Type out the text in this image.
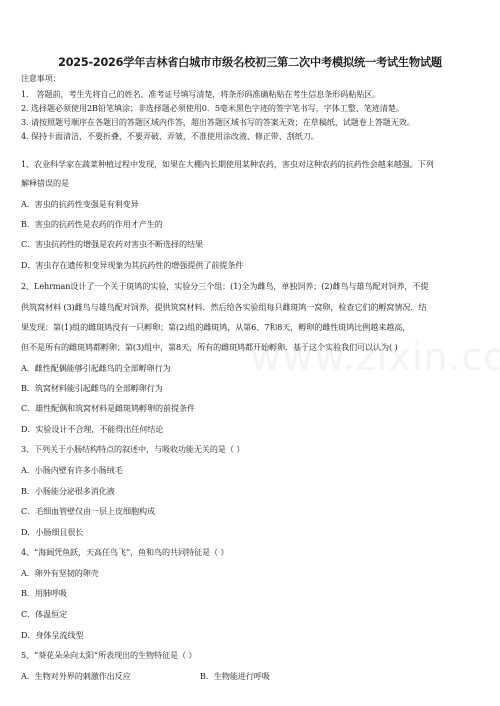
2025-2026学年吉林省白城市市级名校初三第二次中考模拟统一考试生物试题
注意事项：
1． 答题前，考生先将自己的姓名、准考证号填写清楚，将条形码准确粘贴在考生信息条形码粘贴区。
2. 选择题必须使用2B铅笔填涂；非选择题必须使用0．5毫米黑色字迹的签字笔书写，字体工整、笔迹清楚。
3. 请按照题号顺序在各题目的答题区域内作答，超出答题区域书写的答案无效；在草稿纸、试题卷上答题无效。
4. 保持卡面清洁，不要折叠，不要弄破、弄皱，不准使用涂改液、修正带、刮纸刀。
1、农业科学家在蔬菜种植过程中发现，如果在大棚内长期使用某种农药，害虫对这种农药的抗药性会越来越强。下列
解释错误的是
A．害虫的抗药性变强是有利变异
B．害虫的抗药性是农药的作用才产生的
C．害虫抗药性的增强是农药对害虫不断选择的结果
D．害虫存在遗传和变异现象为其抗药性的增强提供了前提条件
2、Lehrman设计了一个关于斑鸠的实验，实验分三个组：(1)全为雌鸟，单独饲养；(2)雌鸟与雄鸟配对饲养，不提
供筑窝材料 (3)雌鸟与雄鸟配对饲养，提供筑窝材料．然后给各实验组每只雌斑鸠一窝卵，检查它们的孵窝情况．结
果发现：第(1)组的雌斑鸠没有一只孵卵；第(2)组的雌斑鸠，从第6、7和8天，孵卵的雌性斑鸠比例越来越高，
但不是所有的雌斑鸠都孵卵；第(3)组中，第8天，所有的雌斑鸠都开始孵卵．基于这个实验我们可以认为( )
A．雌性配偶能够引起雌鸟的全部孵卵行为
B．筑窝材料能引起雌鸟的全部孵卵行为
C．雄性配偶和筑窝材料是雌斑鸠孵卵的前提条件
D．实验设计不合理，不能得出任何结论
3、下列关于小肠结构特点的叙述中，与吸收功能无关的是（ ）
A．小肠内壁有许多小肠绒毛
B．小肠能分泌很多消化液
C．毛细血管壁仅由一层上皮细胞构成
D．小肠细且很长
4、“海阔凭鱼跃，天高任鸟飞”，鱼和鸟的共同特征是（ ）
A．卵外有坚韧的卵壳
B．用肺呼吸
C．体温恒定
D．身体呈流线型
5、“葵花朵朵向太阳”所表现出的生物特征是（ ）
A．生物对外界的刺激作出反应	B．生物能进行呼吸
